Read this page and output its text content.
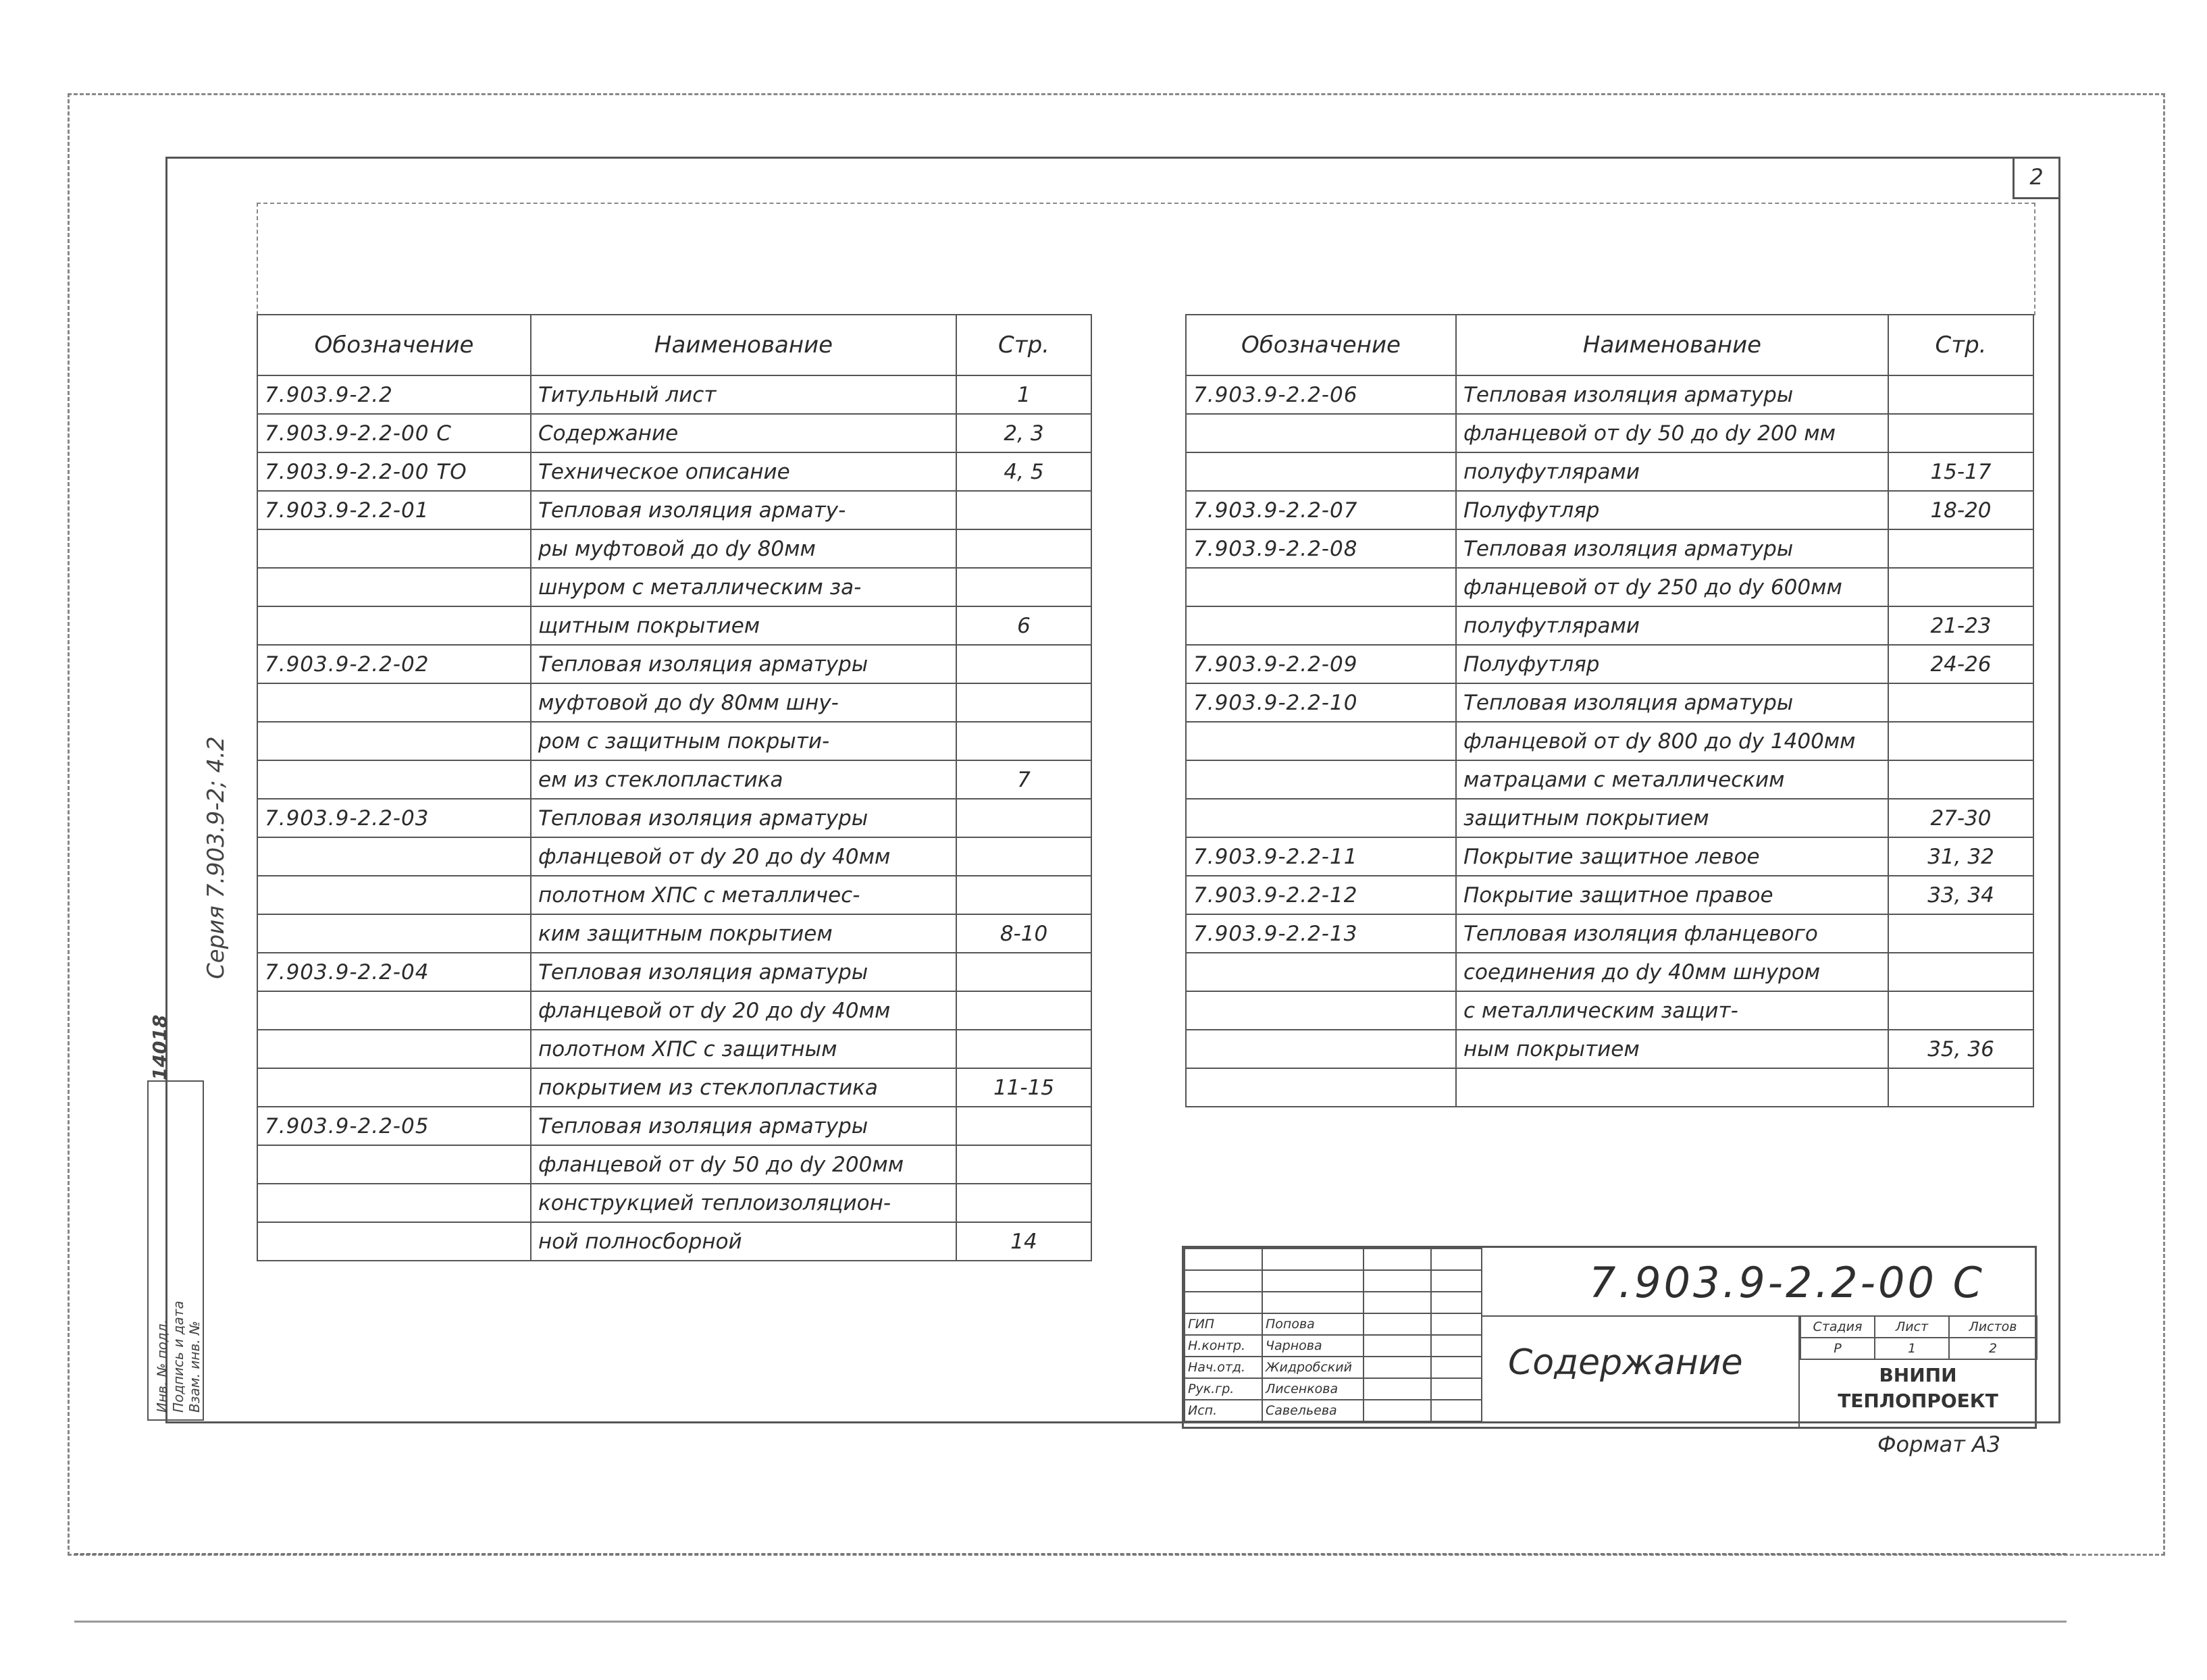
2
Серия 7.903.9-2; 4.2
14018
Инв. № подл. Подпись и дата Взам. инв. №
Обозначение	Наименование	Стр.
7.903.9-2.2	Титульный лист	1
7.903.9-2.2-00 С	Содержание	2, 3
7.903.9-2.2-00 ТО	Техническое описание	4, 5
7.903.9-2.2-01	Тепловая изоляция армату-	
	ры муфтовой до dy 80мм	
	шнуром с металлическим за-	
	щитным покрытием	6
7.903.9-2.2-02	Тепловая изоляция арматуры	
	муфтовой до dy 80мм шну-	
	ром с защитным покрыти-	
	ем из стеклопластика	7
7.903.9-2.2-03	Тепловая изоляция арматуры	
	фланцевой от dy 20 до dy 40мм	
	полотном ХПС с металличес-	
	ким защитным покрытием	8-10
7.903.9-2.2-04	Тепловая изоляция арматуры	
	фланцевой от dy 20 до dy 40мм	
	полотном ХПС с защитным	
	покрытием из стеклопластика	11-15
7.903.9-2.2-05	Тепловая изоляция арматуры	
	фланцевой от dy 50 до dy 200мм	
	конструкцией теплоизоляцион-	
	ной полносборной	14
Обозначение	Наименование	Стр.
7.903.9-2.2-06	Тепловая изоляция арматуры	
	фланцевой от dy 50 до dy 200 мм	
	полуфутлярами	15-17
7.903.9-2.2-07	Полуфутляр	18-20
7.903.9-2.2-08	Тепловая изоляция арматуры	
	фланцевой от dy 250 до dy 600мм	
	полуфутлярами	21-23
7.903.9-2.2-09	Полуфутляр	24-26
7.903.9-2.2-10	Тепловая изоляция арматуры	
	фланцевой от dy 800 до dy 1400мм	
	матрацами с металлическим	
	защитным покрытием	27-30
7.903.9-2.2-11	Покрытие защитное левое	31, 32
7.903.9-2.2-12	Покрытие защитное правое	33, 34
7.903.9-2.2-13	Тепловая изоляция фланцевого	
	соединения до dy 40мм шнуром	
	с металлическим защит-	
	ным покрытием	35, 36

ГИП	Попова		
Н.контр.	Чарнова		
Нач.отд.	Жидробский		
Рук.гр.	Лисенкова		
Исп.	Савельева		
7.903.9-2.2-00 С
Содержание
Стадия	Лист	Листов
Р	1	2
ВНИПИ
ТЕПЛОПРОЕКТ
Формат А3
